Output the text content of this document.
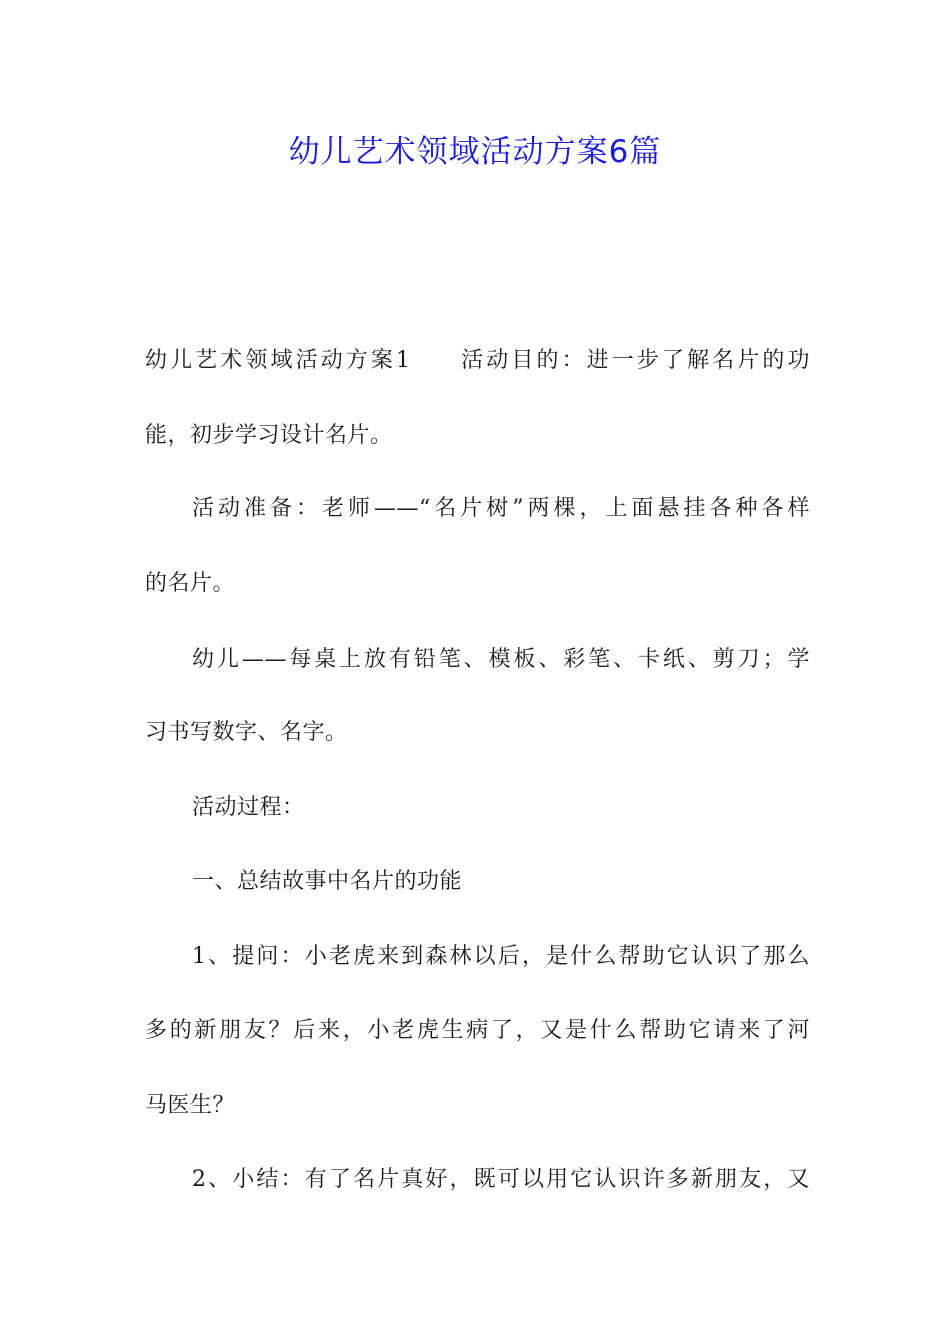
幼儿艺术领域活动方案6篇
幼儿艺术领域活动方案1 活动目的：进一步了解名片的功
能，初步学习设计名片。
活动准备：老师——“名片树”两棵，上面悬挂各种各样
的名片。
幼儿——每桌上放有铅笔、模板、彩笔、卡纸、剪刀；学
习书写数字、名字。
活动过程：
一、总结故事中名片的功能
1、提问：小老虎来到森林以后，是什么帮助它认识了那么
多的新朋友？后来，小老虎生病了，又是什么帮助它请来了河
马医生？
2、小结：有了名片真好，既可以用它认识许多新朋友，又
